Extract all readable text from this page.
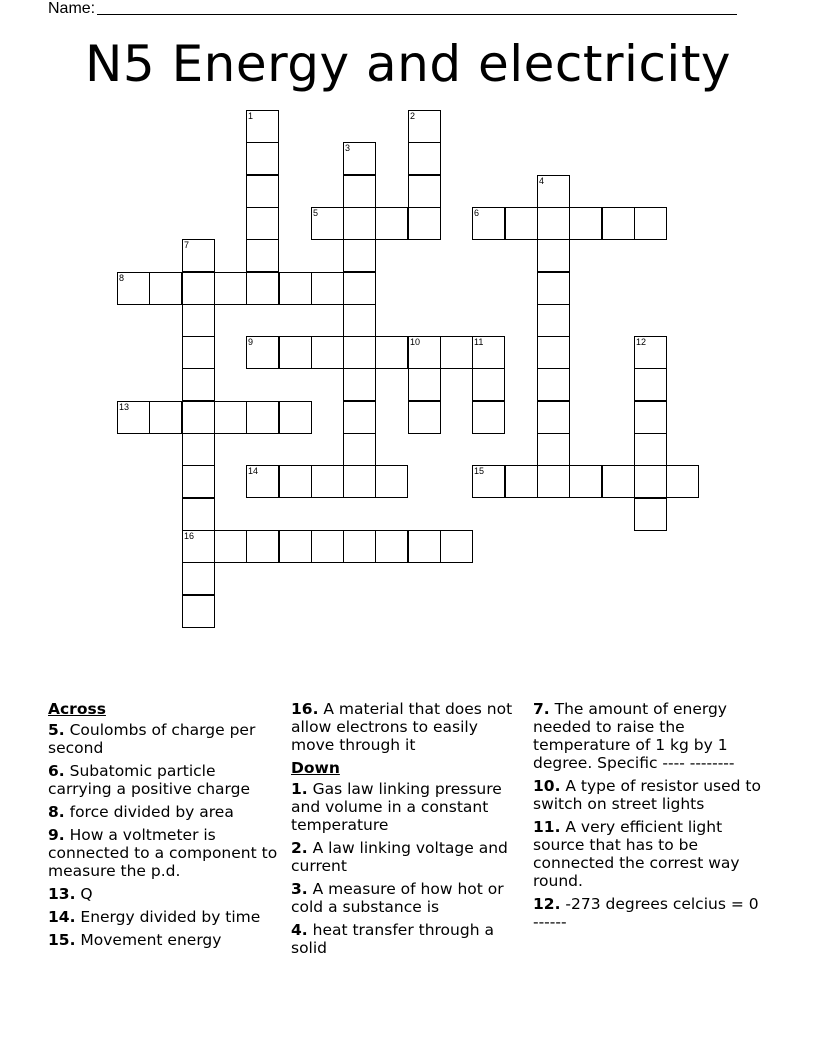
Name:
N5 Energy and electricity
1	2
3
4
5	6
7
16
8
9	10	11	12
13
14	15
Across
5. Coulombs of charge per second
6. Subatomic particle carrying a positive charge
8. force divided by area
9. How a voltmeter is connected to a component to measure the p.d.
13. Q
14. Energy divided by time
15. Movement energy
16. A material that does not allow electrons to easily move through it
Down
1. Gas law linking pressure and volume in a constant temperature
2. A law linking voltage and current
3. A measure of how hot or cold a substance is
4. heat transfer through a solid
7. The amount of energy needed to raise the temperature of 1 kg by 1 degree. Specific ---- --------
10. A type of resistor used to switch on street lights
11. A very efficient light source that has to be connected the correst way round.
12. -273 degrees celcius = 0 ------
